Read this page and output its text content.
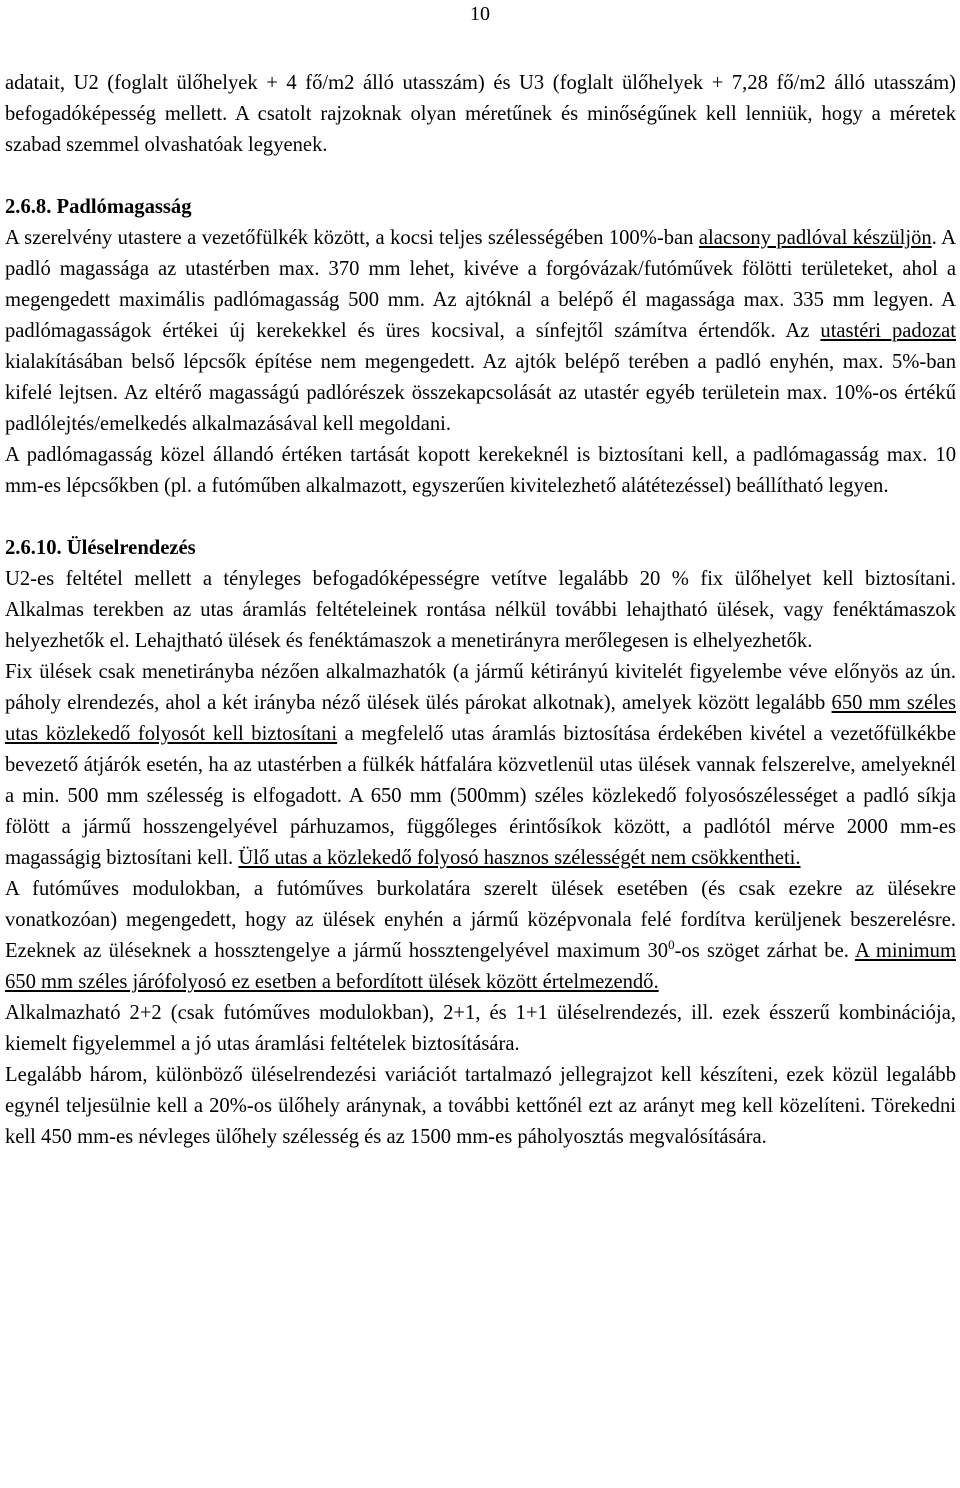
10

adatait, U2 (foglalt ülőhelyek + 4 fő/m2 álló utasszám) és U3 (foglalt ülőhelyek + 7,28 fő/m2 álló utasszám) befogadóképesség mellett. A csatolt rajzoknak olyan méretűnek és minőségűnek kell lenniük, hogy a méretek szabad szemmel olvashatóak legyenek.

2.6.8. Padlómagasság

A szerelvény utastere a vezetőfülkék között, a kocsi teljes szélességében 100%-ban alacsony padlóval készüljön. A padló magassága az utastérben max. 370 mm lehet, kivéve a forgóvázak/futóművek fölötti területeket, ahol a megengedett maximális padlómagasság 500 mm. Az ajtóknál a belépő él magassága max. 335 mm legyen. A padlómagasságok értékei új kerekekkel és üres kocsival, a sínfejtől számítva értendők. Az utastéri padozat kialakításában belső lépcsők építése nem megengedett. Az ajtók belépő terében a padló enyhén, max. 5%-ban kifelé lejtsen. Az eltérő magasságú padlórészek összekapcsolását az utastér egyéb területein max. 10%-os értékű padlólejtés/emelkedés alkalmazásával kell megoldani.

A padlómagasság közel állandó értéken tartását kopott kerekeknél is biztosítani kell, a padlómagasság max. 10 mm-es lépcsőkben (pl. a futóműben alkalmazott, egyszerűen kivitelezhető alátétezéssel) beállítható legyen.

2.6.10. Üléselrendezés

U2-es feltétel mellett a tényleges befogadóképességre vetítve legalább 20 % fix ülőhelyet kell biztosítani. Alkalmas terekben az utas áramlás feltételeinek rontása nélkül további lehajtható ülések, vagy fenéktámaszok helyezhetők el. Lehajtható ülések és fenéktámaszok a menetirányra merőlegesen is elhelyezhetők.

Fix ülések csak menetirányba nézően alkalmazhatók (a jármű kétirányú kivitelét figyelembe véve előnyös az ún. páholy elrendezés, ahol a két irányba néző ülések ülés párokat alkotnak), amelyek között legalább 650 mm széles utas közlekedő folyosót kell biztosítani a megfelelő utas áramlás biztosítása érdekében kivétel a vezetőfülkékbe bevezető átjárók esetén, ha az utastérben a fülkék hátfalára közvetlenül utas ülések vannak felszerelve, amelyeknél a min. 500 mm szélesség is elfogadott. A 650 mm (500mm) széles közlekedő folyosószélességet a padló síkja fölött a jármű hosszengelyével párhuzamos, függőleges érintősíkok között, a padlótól mérve 2000 mm-es magasságig biztosítani kell. Ülő utas a közlekedő folyosó hasznos szélességét nem csökkentheti.

A futóműves modulokban, a futóműves burkolatára szerelt ülések esetében (és csak ezekre az ülésekre vonatkozóan) megengedett, hogy az ülések enyhén a jármű középvonala felé fordítva kerüljenek beszerelésre. Ezeknek az üléseknek a hossztengelye a jármű hossztengelyével maximum $30^0-os$ szöget zárhat be. A minimum 650 mm széles járófolyosó ez esetben a befordított ülések között értelmezendő.

Alkalmazható 2+2 (csak futóműves modulokban), 2+1, és 1+1 üléselrendezés, ill. ezek ésszerű kombinációja, kiemelt figyelemmel a jó utas áramlási feltételek biztosítására.

Legalább három, különböző üléselrendezési variációt tartalmazó jellegrajzot kell készíteni, ezek közül legalább egynél teljesülnie kell a 20%-os ülőhely aránynak, a további kettőnél ezt az arányt meg kell közelíteni. Törekedni kell 450 mm-es névleges ülőhely szélesség és az 1500 mm-es páholyosztás megvalósítására.
